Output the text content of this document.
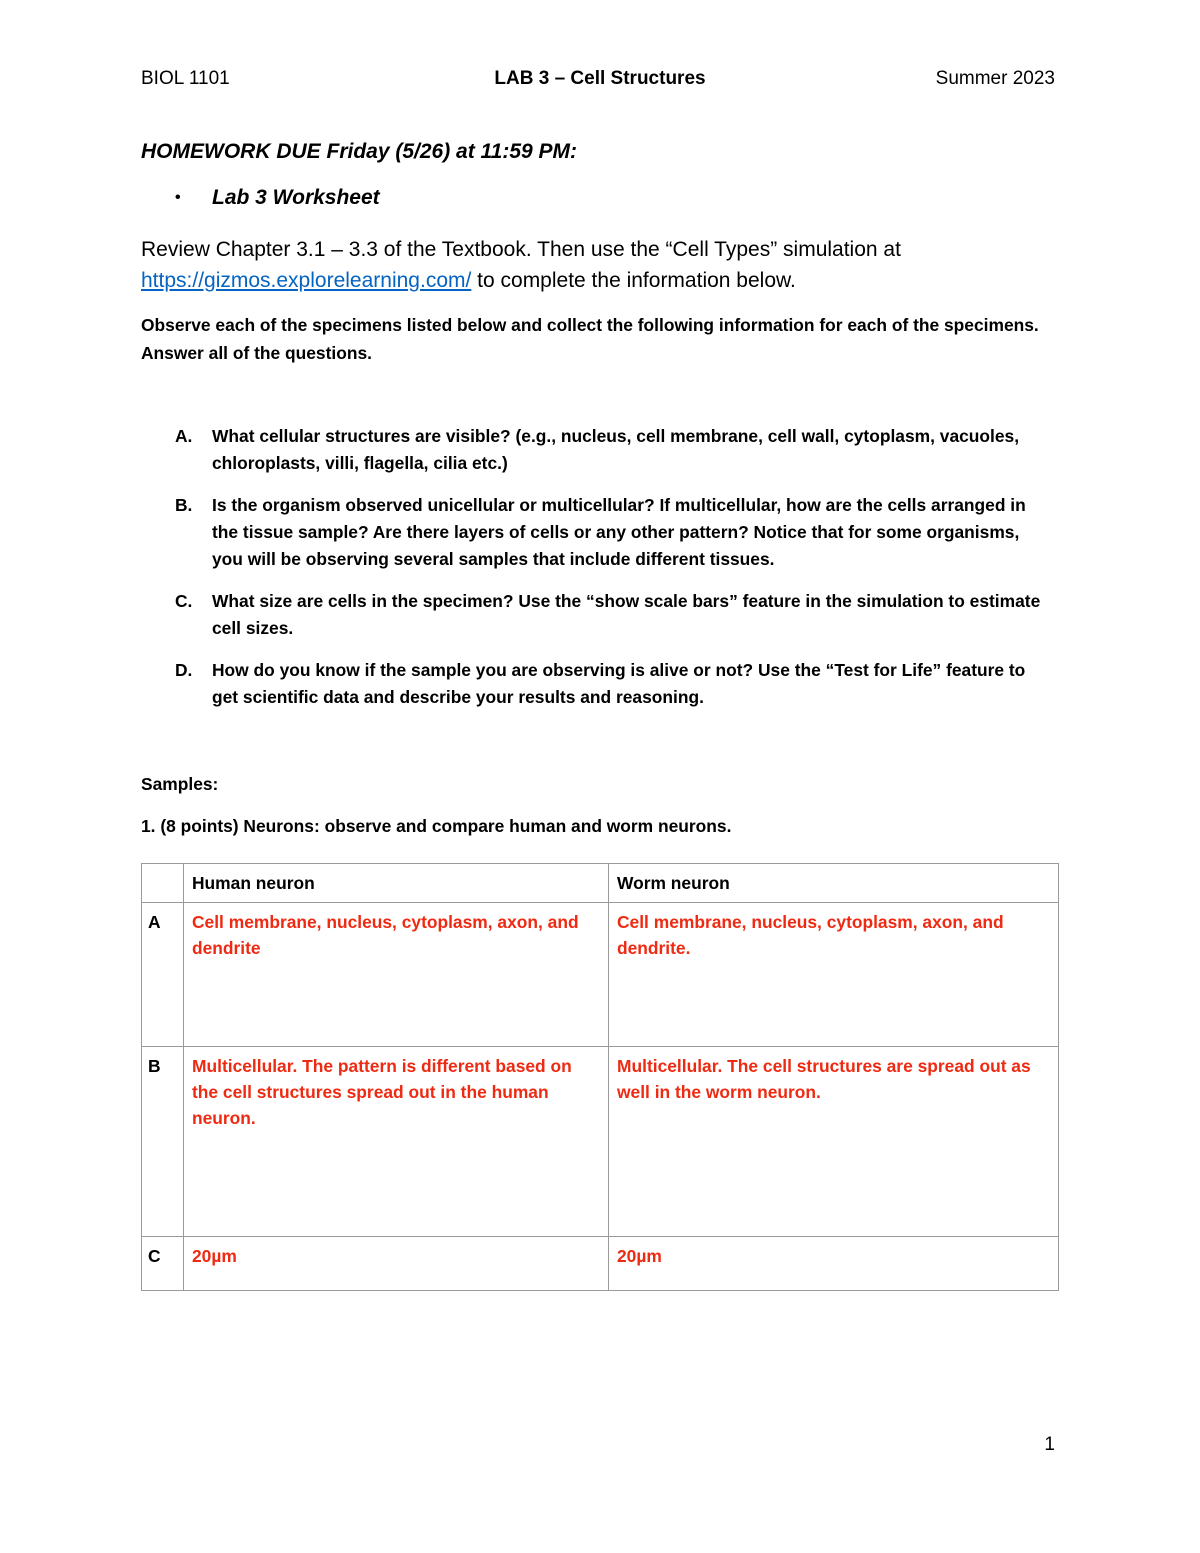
BIOL 1101	LAB 3 – Cell Structures	Summer 2023
HOMEWORK DUE Friday (5/26) at 11:59 PM:
• Lab 3 Worksheet
Review Chapter 3.1 – 3.3 of the Textbook. Then use the “Cell Types” simulation at https://gizmos.explorelearning.com/ to complete the information below.
Observe each of the specimens listed below and collect the following information for each of the specimens. Answer all of the questions.
A. What cellular structures are visible? (e.g., nucleus, cell membrane, cell wall, cytoplasm, vacuoles, chloroplasts, villi, flagella, cilia etc.)
B. Is the organism observed unicellular or multicellular? If multicellular, how are the cells arranged in the tissue sample? Are there layers of cells or any other pattern? Notice that for some organisms, you will be observing several samples that include different tissues.
C. What size are cells in the specimen? Use the “show scale bars” feature in the simulation to estimate cell sizes.
D. How do you know if the sample you are observing is alive or not? Use the “Test for Life” feature to get scientific data and describe your results and reasoning.
Samples:
1. (8 points) Neurons: observe and compare human and worm neurons.
	Human neuron	Worm neuron
A	Cell membrane, nucleus, cytoplasm, axon, and dendrite	Cell membrane, nucleus, cytoplasm, axon, and dendrite.
B	Multicellular. The pattern is different based on the cell structures spread out in the human neuron.	Multicellular. The cell structures are spread out as well in the worm neuron.
C	20µm	20µm
1
